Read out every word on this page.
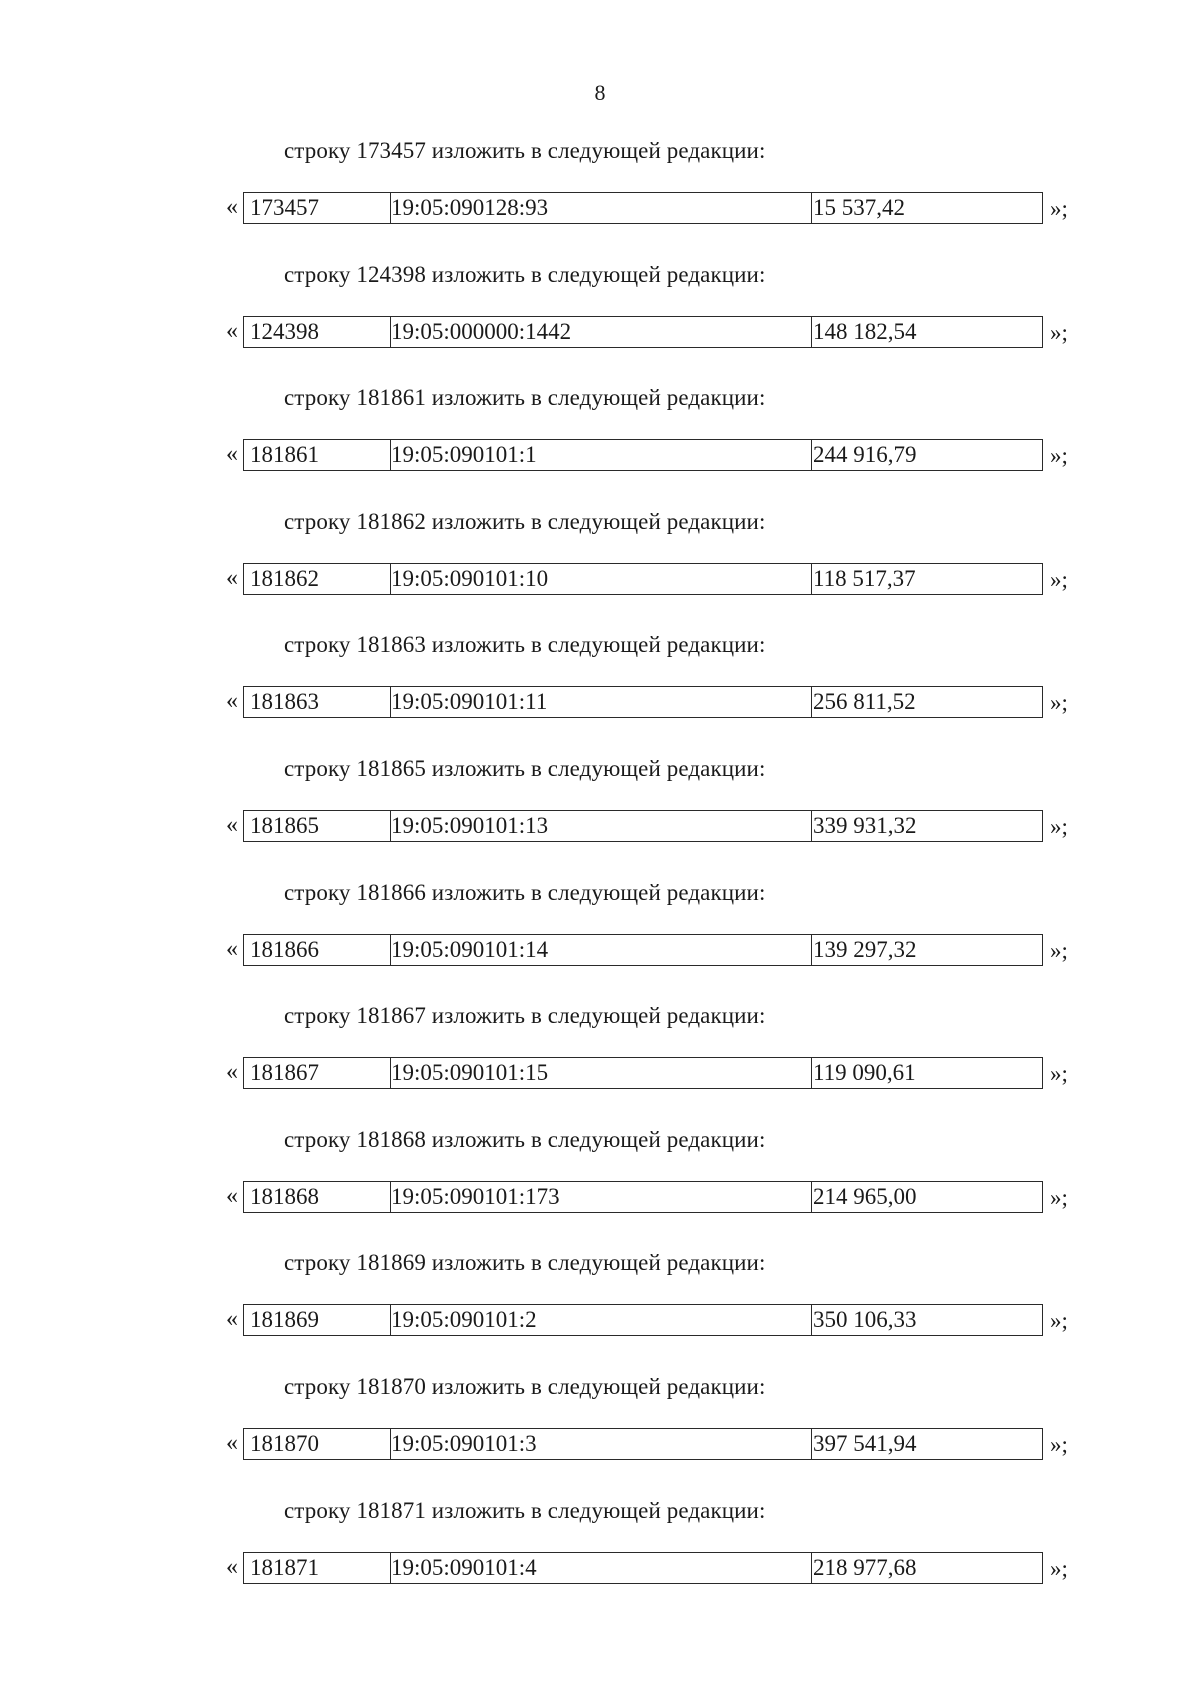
8
строку 173457 изложить в следующей редакции:
« 173457	19:05:090128:93	15 537,42	»;
строку 124398 изложить в следующей редакции:
« 124398	19:05:000000:1442	148 182,54	»;
строку 181861 изложить в следующей редакции:
« 181861	19:05:090101:1	244 916,79	»;
строку 181862 изложить в следующей редакции:
« 181862	19:05:090101:10	118 517,37	»;
строку 181863 изложить в следующей редакции:
« 181863	19:05:090101:11	256 811,52	»;
строку 181865 изложить в следующей редакции:
« 181865	19:05:090101:13	339 931,32	»;
строку 181866 изложить в следующей редакции:
« 181866	19:05:090101:14	139 297,32	»;
строку 181867 изложить в следующей редакции:
« 181867	19:05:090101:15	119 090,61	»;
строку 181868 изложить в следующей редакции:
« 181868	19:05:090101:173	214 965,00	»;
строку 181869 изложить в следующей редакции:
« 181869	19:05:090101:2	350 106,33	»;
строку 181870 изложить в следующей редакции:
« 181870	19:05:090101:3	397 541,94	»;
строку 181871 изложить в следующей редакции:
« 181871	19:05:090101:4	218 977,68	»;
